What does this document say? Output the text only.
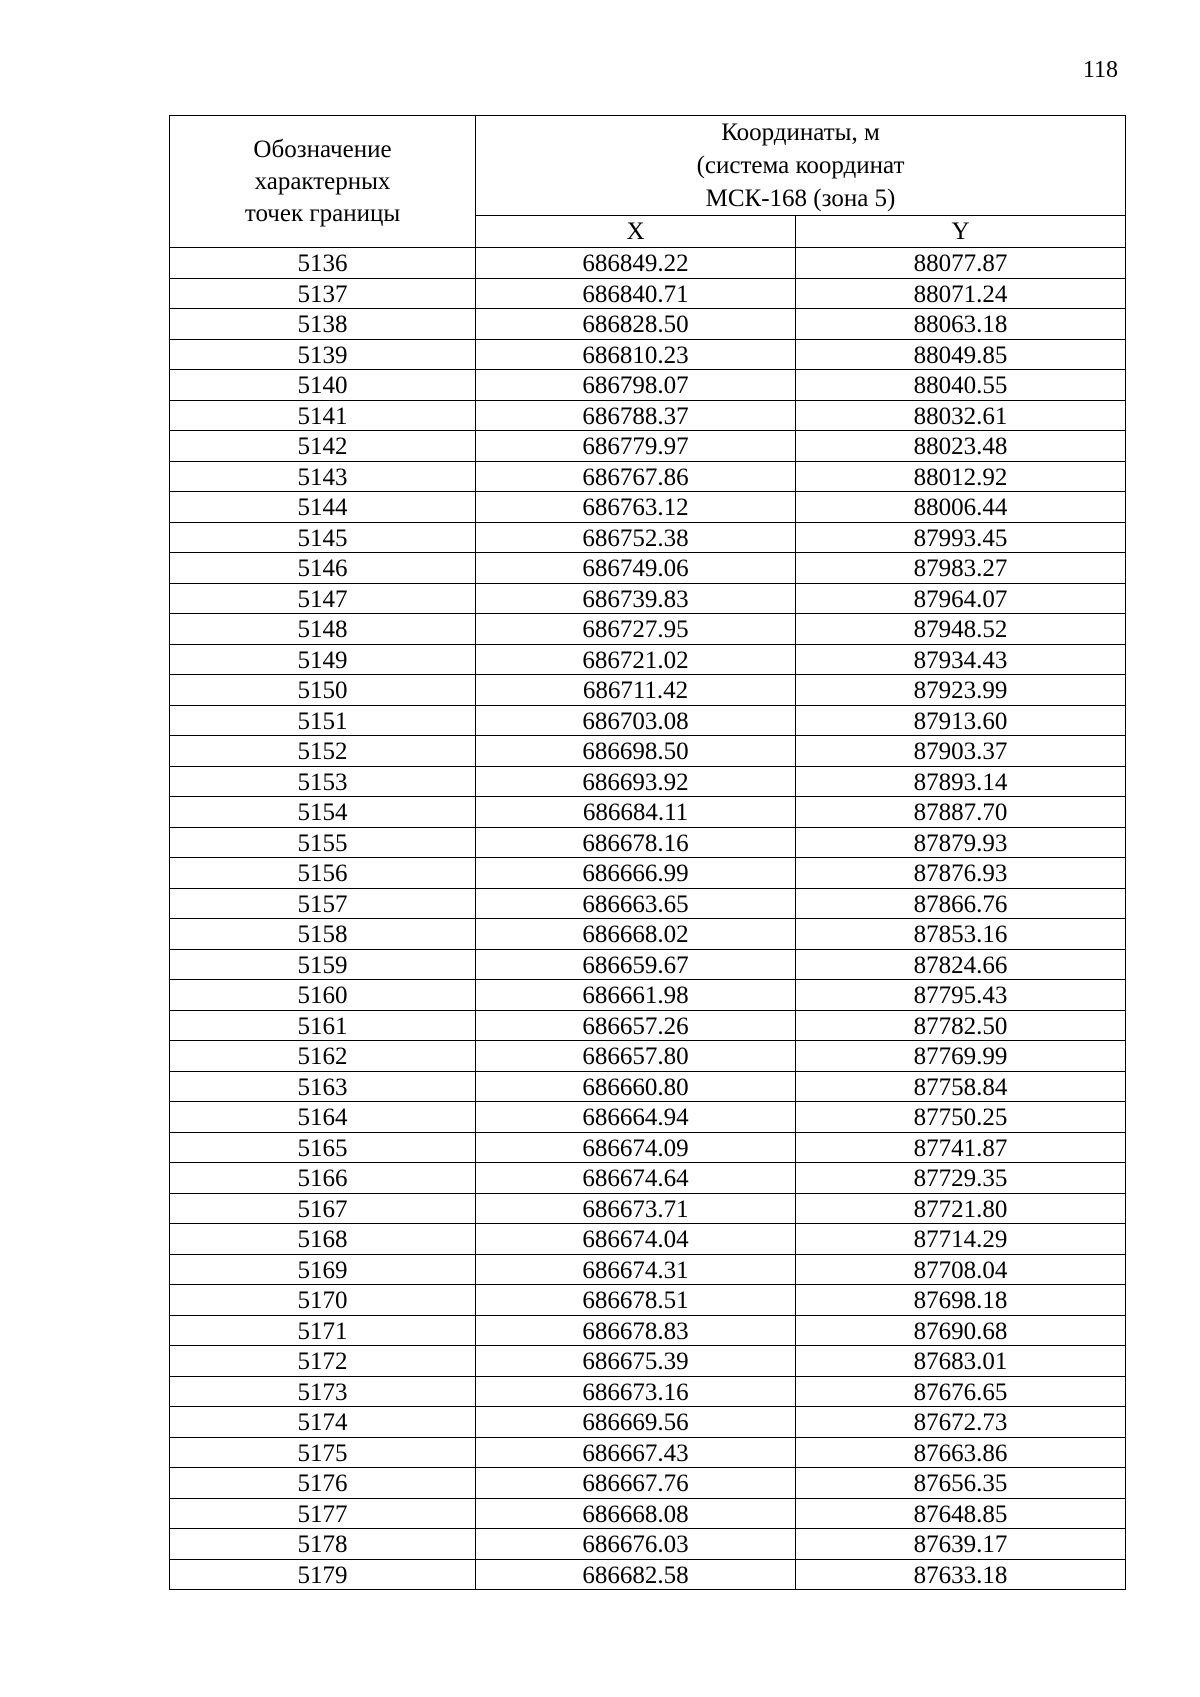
118
Обозначение
характерных
точек границы	Координаты, м
(система координат
МСК-168 (зона 5)	

	X	Y

5136	686849.22	88077.87

5137	686840.71	88071.24

5138	686828.50	88063.18

5139	686810.23	88049.85

5140	686798.07	88040.55

5141	686788.37	88032.61

5142	686779.97	88023.48

5143	686767.86	88012.92

5144	686763.12	88006.44

5145	686752.38	87993.45

5146	686749.06	87983.27

5147	686739.83	87964.07

5148	686727.95	87948.52

5149	686721.02	87934.43

5150	686711.42	87923.99

5151	686703.08	87913.60

5152	686698.50	87903.37

5153	686693.92	87893.14

5154	686684.11	87887.70

5155	686678.16	87879.93

5156	686666.99	87876.93

5157	686663.65	87866.76

5158	686668.02	87853.16

5159	686659.67	87824.66

5160	686661.98	87795.43

5161	686657.26	87782.50

5162	686657.80	87769.99

5163	686660.80	87758.84

5164	686664.94	87750.25

5165	686674.09	87741.87

5166	686674.64	87729.35

5167	686673.71	87721.80

5168	686674.04	87714.29

5169	686674.31	87708.04

5170	686678.51	87698.18

5171	686678.83	87690.68

5172	686675.39	87683.01

5173	686673.16	87676.65

5174	686669.56	87672.73

5175	686667.43	87663.86

5176	686667.76	87656.35

5177	686668.08	87648.85

5178	686676.03	87639.17

5179	686682.58	87633.18
